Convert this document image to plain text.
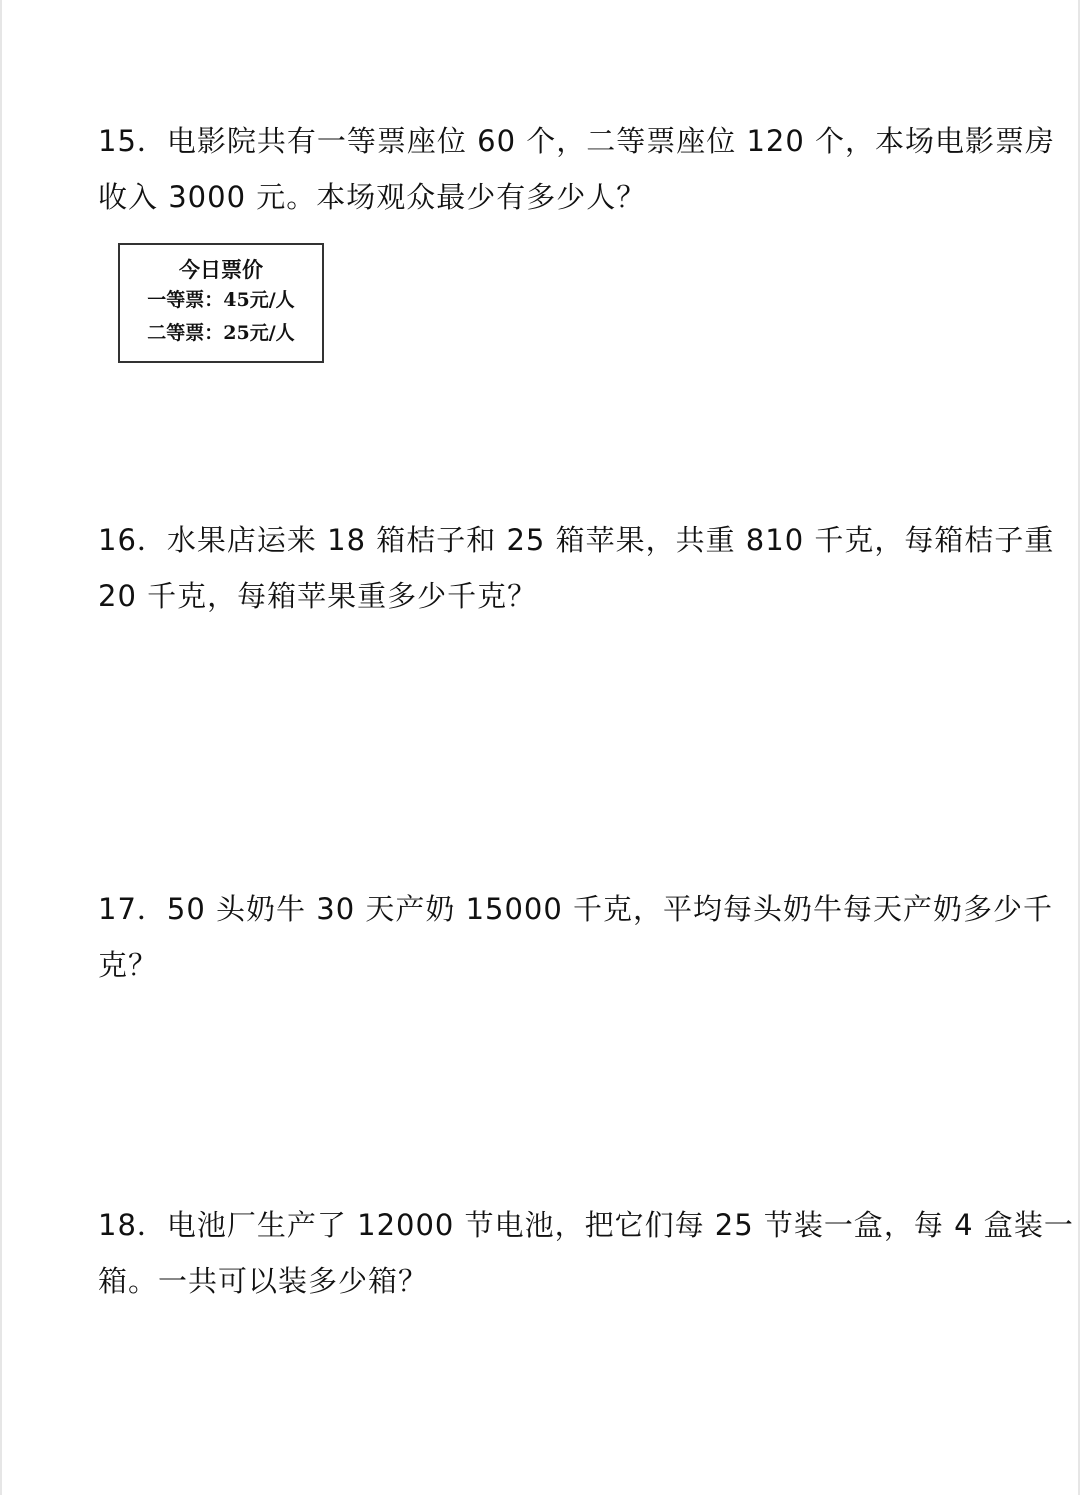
15．电影院共有一等票座位 60 个，二等票座位 120 个，本场电影票房
收入 3000 元。本场观众最少有多少人？
今日票价
一等票：45元/人
二等票：25元/人
16．水果店运来 18 箱桔子和 25 箱苹果，共重 810 千克，每箱桔子重
20 千克，每箱苹果重多少千克？
17．50 头奶牛 30 天产奶 15000 千克，平均每头奶牛每天产奶多少千
克？
18．电池厂生产了 12000 节电池，把它们每 25 节装一盒，每 4 盒装一
箱。一共可以装多少箱？
